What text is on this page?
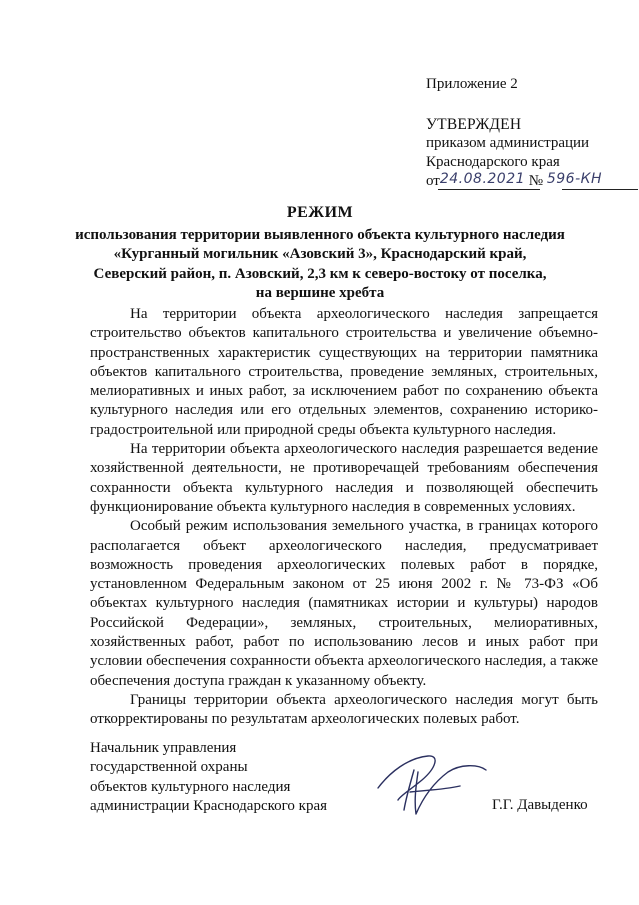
Приложение 2
УТВЕРЖДЕН
приказом администрации
Краснодарского края
от24.08.2021 № 596-КН
РЕЖИМ
использования территории выявленного объекта культурного наследия
«Курганный могильник «Азовский 3», Краснодарский край,
Северский район, п. Азовский, 2,3 км к северо-востоку от поселка,
на вершине хребта

На территории объекта археологического наследия запрещается строительство объектов капитального строительства и увеличение объемно-пространственных характеристик существующих на территории памятника объектов капитального строительства, проведение земляных, строительных, мелиоративных и иных работ, за исключением работ по сохранению объекта культурного наследия или его отдельных элементов, сохранению историко-градостроительной или природной среды объекта культурного наследия.

На территории объекта археологического наследия разрешается ведение хозяйственной деятельности, не противоречащей требованиям обеспечения сохранности объекта культурного наследия и позволяющей обеспечить функционирование объекта культурного наследия в современных условиях.

Особый режим использования земельного участка, в границах которого располагается объект археологического наследия, предусматривает возможность проведения археологических полевых работ в порядке, установленном Федеральным законом от 25 июня 2002 г. № 73-ФЗ «Об объектах культурного наследия (памятниках истории и культуры) народов Российской Федерации», земляных, строительных, мелиоративных, хозяйственных работ, работ по использованию лесов и иных работ при условии обеспечения сохранности объекта археологического наследия, а также обеспечения доступа граждан к указанному объекту.

Границы территории объекта археологического наследия могут быть откорректированы по результатам археологических полевых работ.

Начальник управления
государственной охраны
объектов культурного наследия
администрации Краснодарского края	Г.Г. Давыденко
